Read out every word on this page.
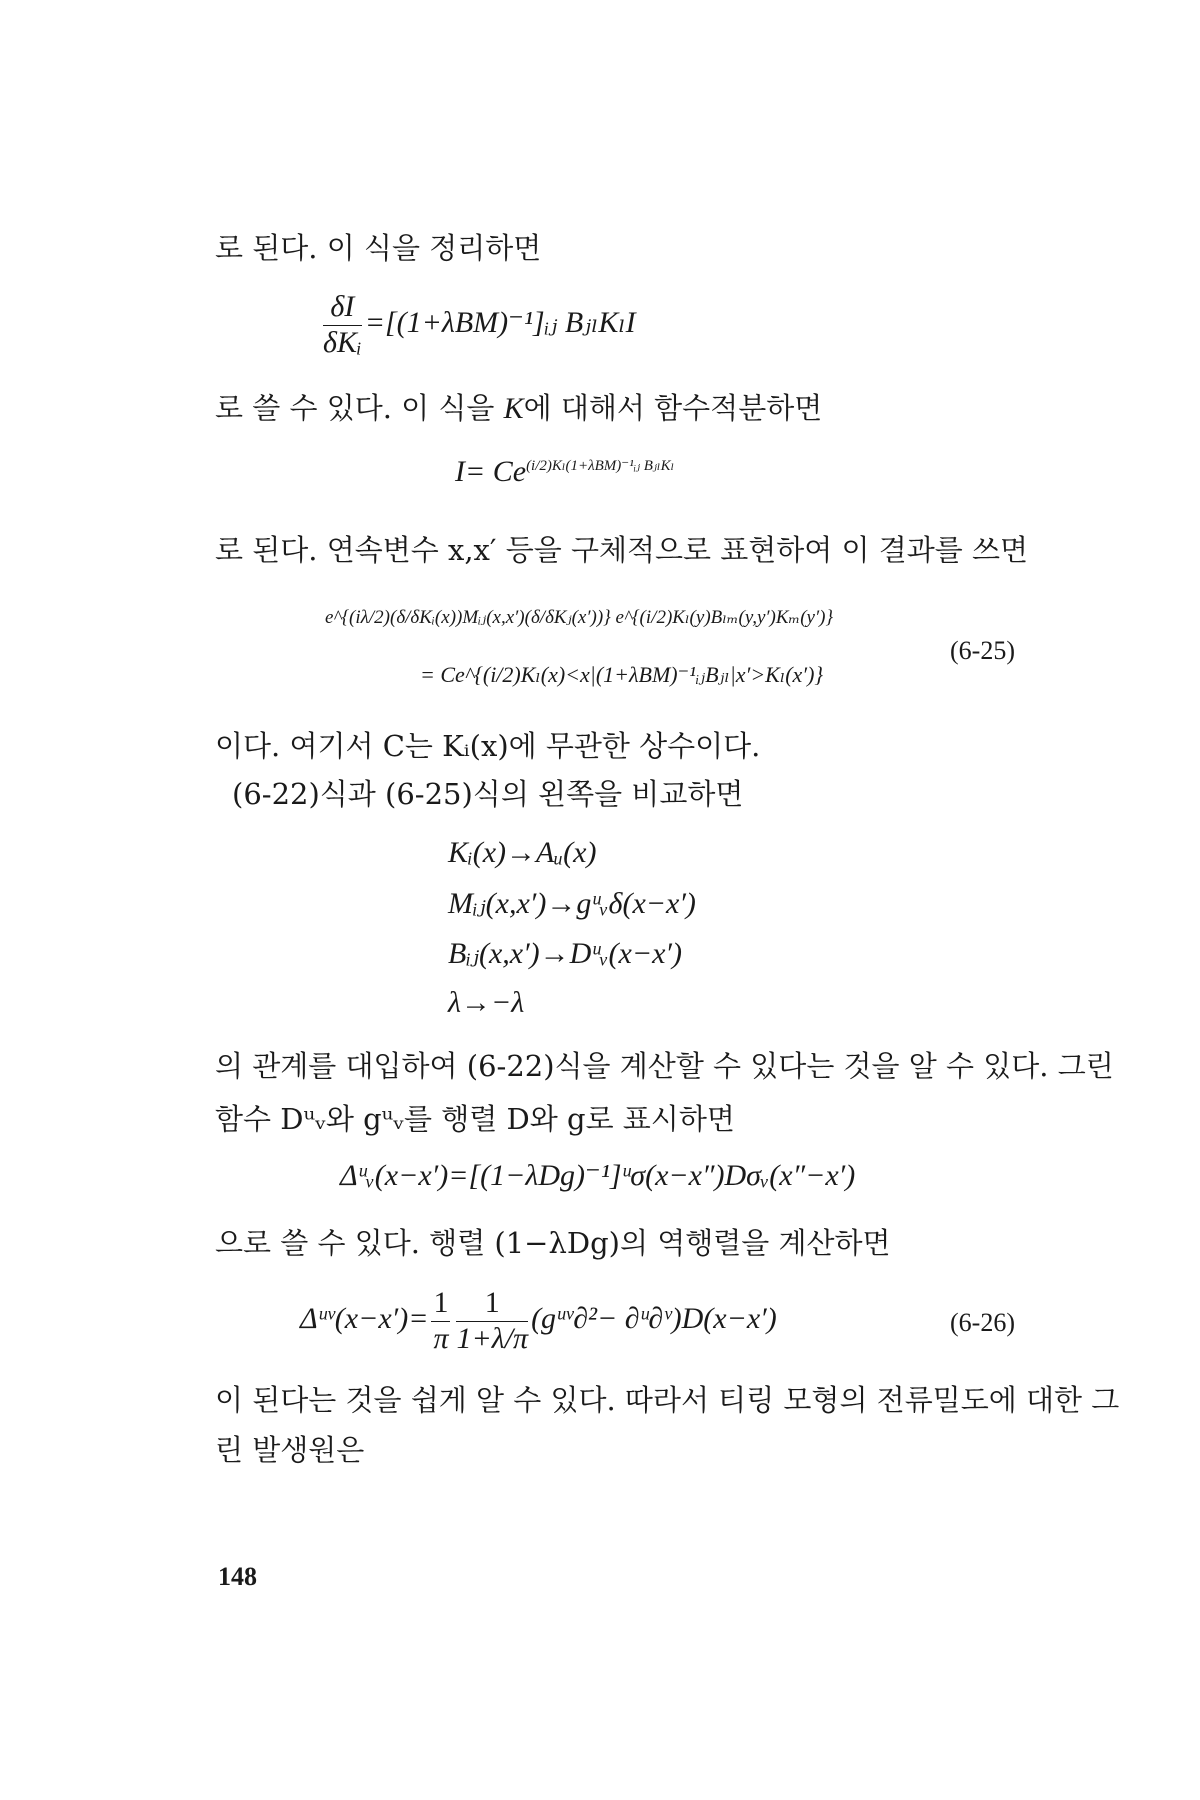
로 된다. 이 식을 정리하면
$\frac{\delta I}{\text{δKᵢ}}$ =[(1+λBM)⁻¹]ᵢⱼ BⱼₗKₗI
로 쓸 수 있다. 이 식을 K에 대해서 함수적분하면
$I= Ce^{(i/2)K_l(1+\lambda BM)^{-1}ᵢⱼ Bⱼ_lK_l}$
로 된다. 연속변수 x,x′ 등을 구체적으로 표현하여 이 결과를 쓰면
e^{(iλ/2)(δ/δKᵢ(x))Mᵢⱼ(x,x′)(δ/δKⱼ(x′))} e^{(i/2)Kₗ(y)Bₗₘ(y,y′)Kₘ(y′)}
= Ce^{(i/2)Kₗ(x)<x|(1+λBM)⁻¹ᵢⱼBⱼₗ|x′>Kₗ(x′)}
(6-25)
이다. 여기서 C는 Kᵢ(x)에 무관한 상수이다.
(6-22)식과 (6-25)식의 왼쪽을 비교하면
Kᵢ(x)→Aᵤ(x)
Mᵢⱼ(x,x′)→gᵘᵥδ(x−x′)
Bᵢⱼ(x,x′)→Dᵘᵥ(x−x′)
λ→−λ
의 관계를 대입하여 (6-22)식을 계산할 수 있다는 것을 알 수 있다. 그린
함수 Dᵘᵥ와 gᵘᵥ를 행렬 D와 g로 표시하면
Δᵘᵥ(x−x′)=[(1−λDg)⁻¹]ᵘσ(x−x″)Dσᵥ(x″−x′)
으로 쓸 수 있다. 행렬 (1−λDg)의 역행렬을 계산하면
Δᵘᵛ(x−x′)= $\frac{1}{\pi} \frac{1}{1+\lambda/\pi}$ (gᵘᵛ∂²− ∂ᵘ∂ᵛ)D(x−x′)	(6-26)
이 된다는 것을 쉽게 알 수 있다. 따라서 티링 모형의 전류밀도에 대한 그
린 발생원은
148
